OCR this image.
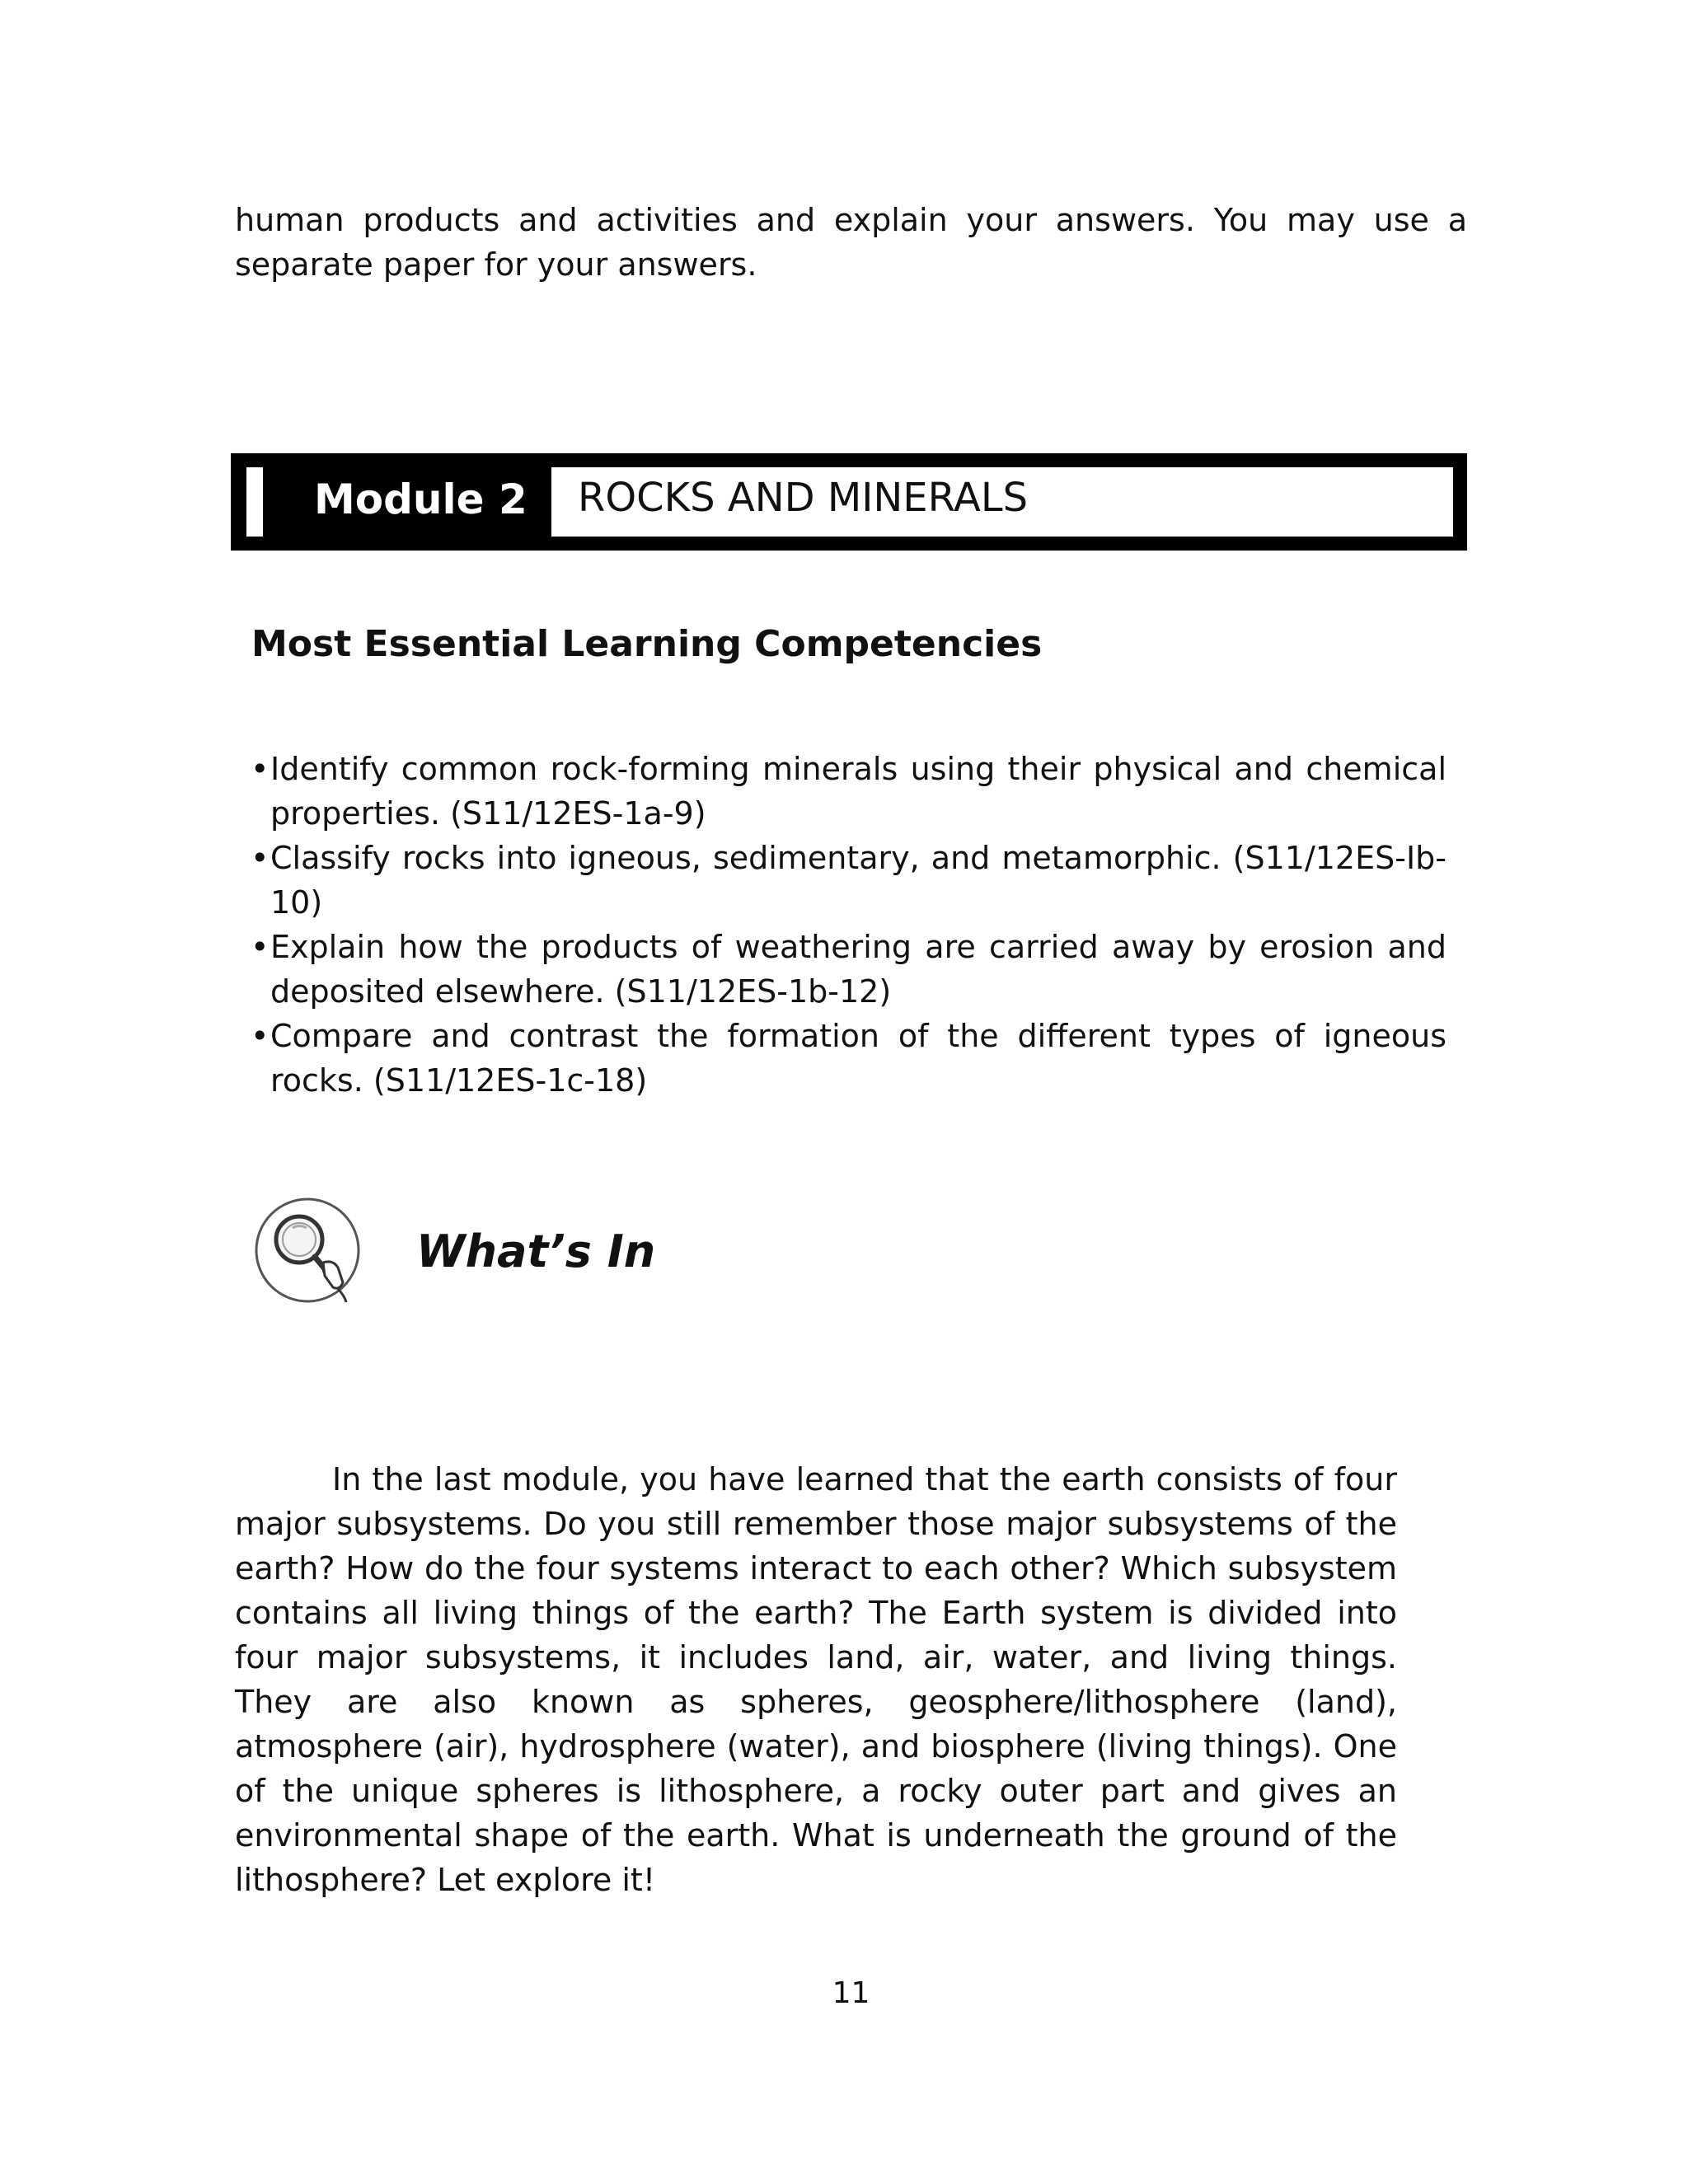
human products and activities and explain your answers. You may use a separate paper for your answers.

Module 2 ROCKS AND MINERALS
Most Essential Learning Competencies
• Identify common rock-forming minerals using their physical and chemical properties. (S11/12ES-1a-9)
• Classify rocks into igneous, sedimentary, and metamorphic. (S11/12ES-Ib-10)
• Explain how the products of weathering are carried away by erosion and deposited elsewhere. (S11/12ES-1b-12)
• Compare and contrast the formation of the different types of igneous rocks. (S11/12ES-1c-18)
What’s In

In the last module, you have learned that the earth consists of four major subsystems. Do you still remember those major subsystems of the earth? How do the four systems interact to each other? Which subsystem contains all living things of the earth? The Earth system is divided into four major subsystems, it includes land, air, water, and living things. They are also known as spheres, geosphere/lithosphere (land), atmosphere (air), hydrosphere (water), and biosphere (living things). One of the unique spheres is lithosphere, a rocky outer part and gives an environmental shape of the earth. What is underneath the ground of the lithosphere? Let explore it!

11
